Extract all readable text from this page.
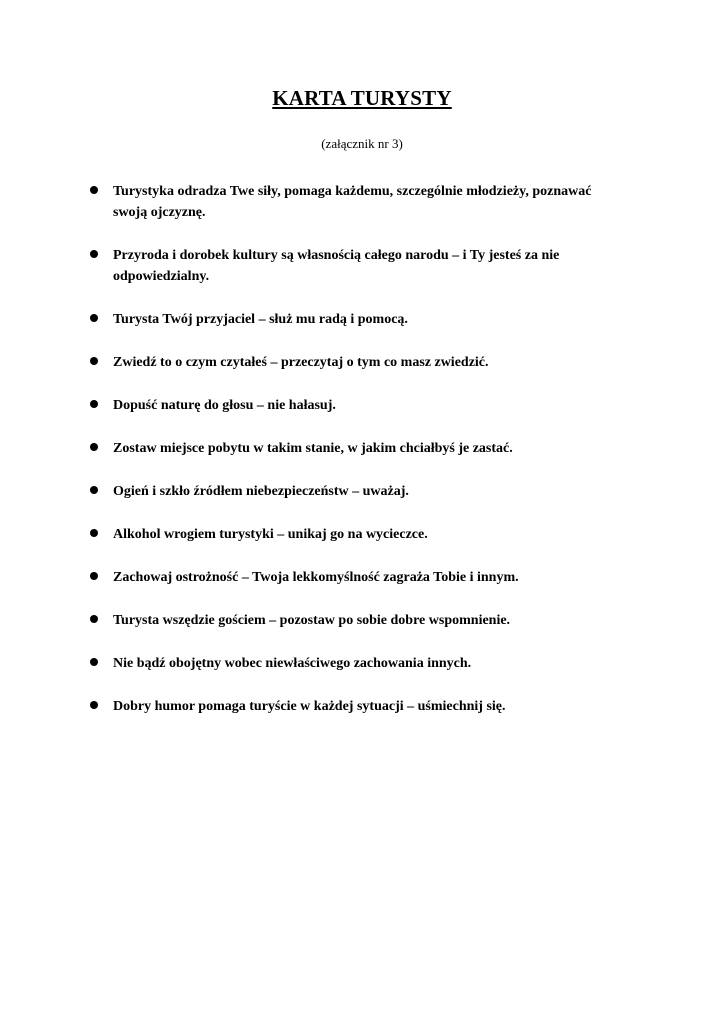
KARTA TURYSTY

(załącznik nr 3)

Turystyka odradza Twe siły, pomaga każdemu, szczególnie młodzieży, poznawać swoją ojczyznę.
Przyroda i dorobek kultury są własnością całego narodu – i Ty jesteś za nie odpowiedzialny.
Turysta Twój przyjaciel – służ mu radą i pomocą.
Zwiedź to o czym czytałeś – przeczytaj o tym co masz zwiedzić.
Dopuść naturę do głosu – nie hałasuj.
Zostaw miejsce pobytu w takim stanie, w jakim chciałbyś je zastać.
Ogień i szkło źródłem niebezpieczeństw – uważaj.
Alkohol wrogiem turystyki – unikaj go na wycieczce.
Zachowaj ostrożność – Twoja lekkomyślność zagraża Tobie i innym.
Turysta wszędzie gościem – pozostaw po sobie dobre wspomnienie.
Nie bądź obojętny wobec niewłaściwego zachowania innych.
Dobry humor pomaga turyście w każdej sytuacji – uśmiechnij się.
